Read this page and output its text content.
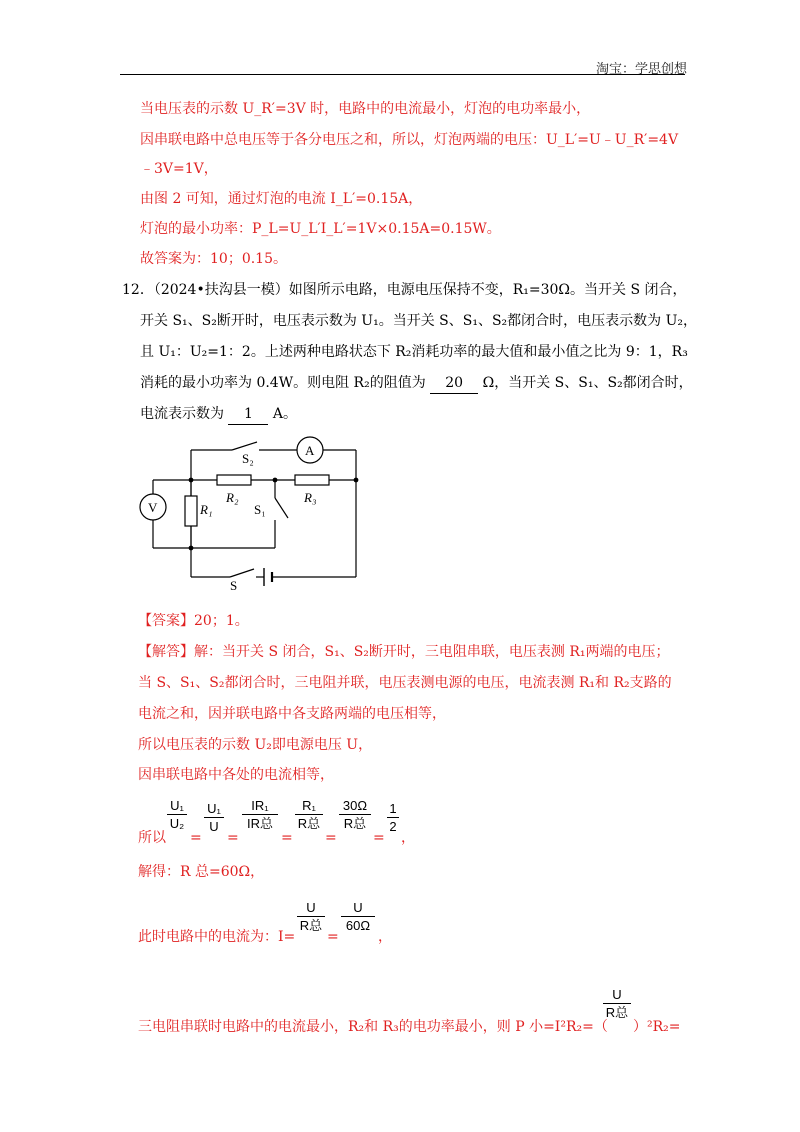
淘宝：学思创想
当电压表的示数 U_R′=3V 时，电路中的电流最小，灯泡的电功率最小，
因串联电路中总电压等于各分电压之和，所以，灯泡两端的电压：U_L′=U﹣U_R′=4V
﹣3V=1V，
由图 2 可知，通过灯泡的电流 I_L′=0.15A，
灯泡的最小功率：P_L=U_L′I_L′=1V×0.15A=0.15W。
故答案为：10；0.15。
12．（2024•扶沟县一模）如图所示电路，电源电压保持不变，R₁=30Ω。当开关 S 闭合，
开关 S₁、S₂断开时，电压表示数为 U₁。当开关 S、S₁、S₂都闭合时，电压表示数为 U₂，
且 U₁：U₂=1：2。上述两种电路状态下 R₂消耗功率的最大值和最小值之比为 9：1，R₃
消耗的最小功率为 0.4W。则电阻 R₂的阻值为 20 Ω，当开关 S、S₁、S₂都闭合时，
电流表示数为 1 A。
V
A
R₁
R₂	R₃
S₂
S₁
S
【答案】20；1。
【解答】解：当开关 S 闭合，S₁、S₂断开时，三电阻串联，电压表测 R₁两端的电压；
当 S、S₁、S₂都闭合时，三电阻并联，电压表测电源的电压，电流表测 R₁和 R₂支路的
电流之和，因并联电路中各支路两端的电压相等，
所以电压表的示数 U₂即电源电压 U，
因串联电路中各处的电流相等，
所以
U₁
U₂
=
U₁
U
=
IR₁
IR总
=
R₁
R总
=
30Ω
R总
=
1
2
，
解得：R 总=60Ω，
此时电路中的电流为：I=
U
R总
=
U
60Ω
，
三电阻串联时电路中的电流最小，R₂和 R₃的电功率最小，则 P 小=I²R₂=（
U
R总
）²R₂=
